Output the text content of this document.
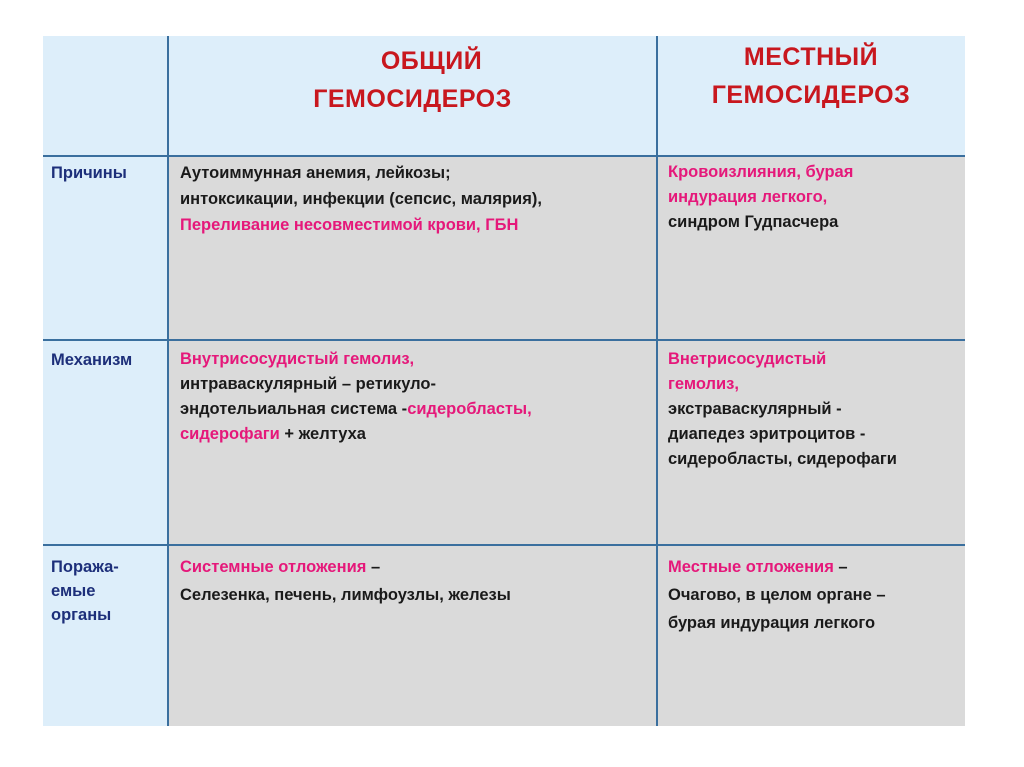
ОБЩИЙ
ГЕМОСИДЕРОЗ
МЕСТНЫЙ
ГЕМОСИДЕРОЗ
Причины	Аутоиммунная анемия, лейкозы;
интоксикации, инфекции (сепсис, малярия),
Переливание несовместимой крови, ГБН
Кровоизлияния, бурая
индурация легкого,
синдром Гудпасчера
Механизм	Внутрисосудистый гемолиз,
интраваскулярный – ретикуло-
эндотельиальная система -сидеробласты,
сидерофаги + желтуха
Внетрисосудистый
гемолиз,
экстраваскулярный -
диапедез эритроцитов -
сидеробласты, сидерофаги
Поража-
емые
органы
Системные отложения –
Селезенка, печень, лимфоузлы, железы
Местные отложения –
Очагово, в целом органе –
бурая индурация легкого
